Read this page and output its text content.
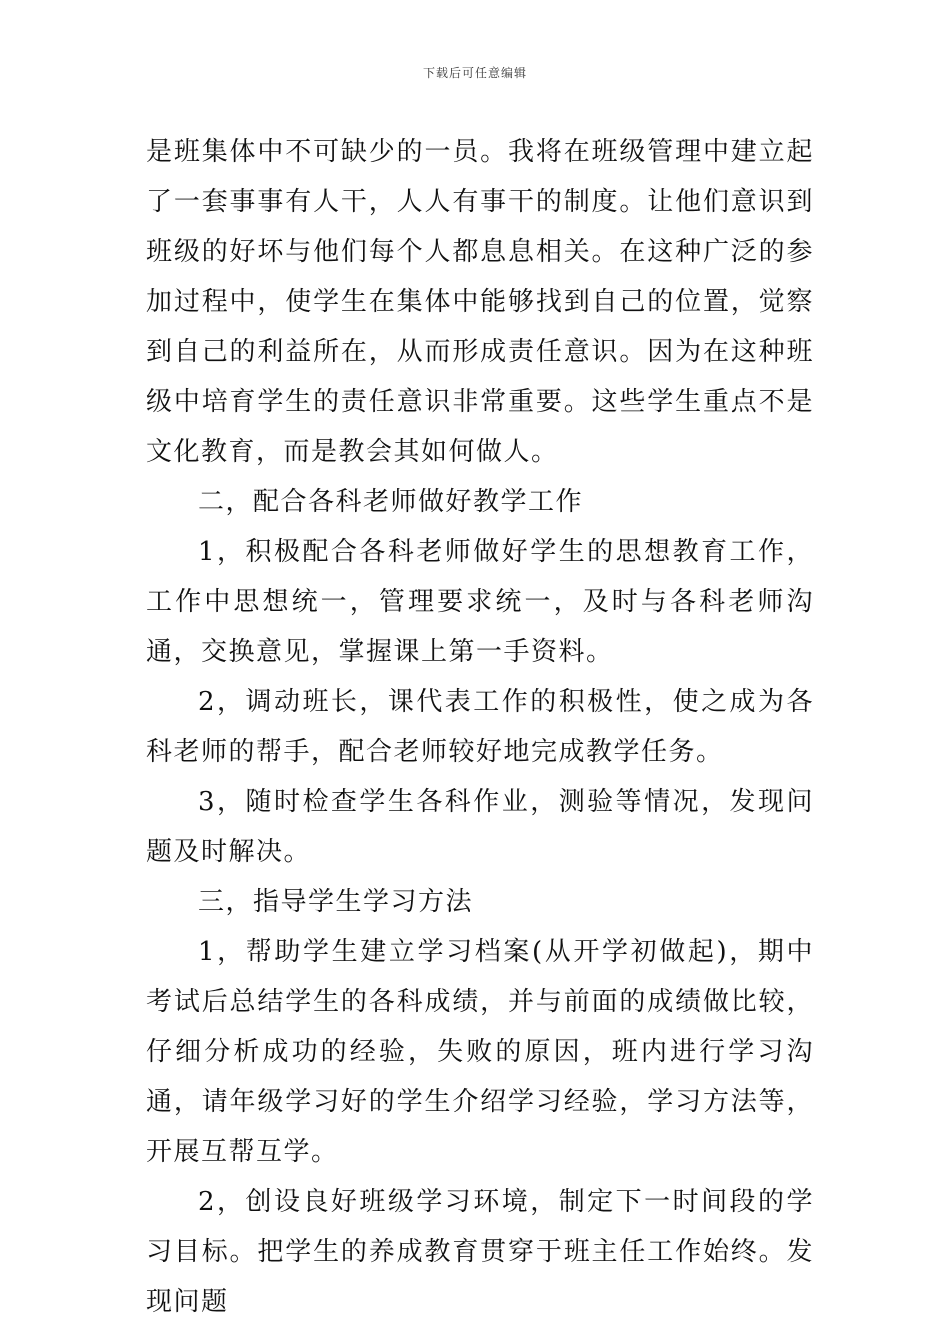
下载后可任意编辑

是班集体中不可缺少的一员。我将在班级管理中建立起了一套事事有人干，人人有事干的制度。让他们意识到班级的好坏与他们每个人都息息相关。在这种广泛的参加过程中，使学生在集体中能够找到自己的位置，觉察到自己的利益所在，从而形成责任意识。因为在这种班级中培育学生的责任意识非常重要。这些学生重点不是文化教育，而是教会其如何做人。

二，配合各科老师做好教学工作

1，积极配合各科老师做好学生的思想教育工作，工作中思想统一，管理要求统一，及时与各科老师沟通，交换意见，掌握课上第一手资料。

2，调动班长，课代表工作的积极性，使之成为各科老师的帮手，配合老师较好地完成教学任务。

3，随时检查学生各科作业，测验等情况，发现问题及时解决。

三，指导学生学习方法

1，帮助学生建立学习档案(从开学初做起)，期中考试后总结学生的各科成绩，并与前面的成绩做比较，仔细分析成功的经验，失败的原因，班内进行学习沟通，请年级学习好的学生介绍学习经验，学习方法等，开展互帮互学。

2，创设良好班级学习环境，制定下一时间段的学习目标。把学生的养成教育贯穿于班主任工作始终。发现问题
